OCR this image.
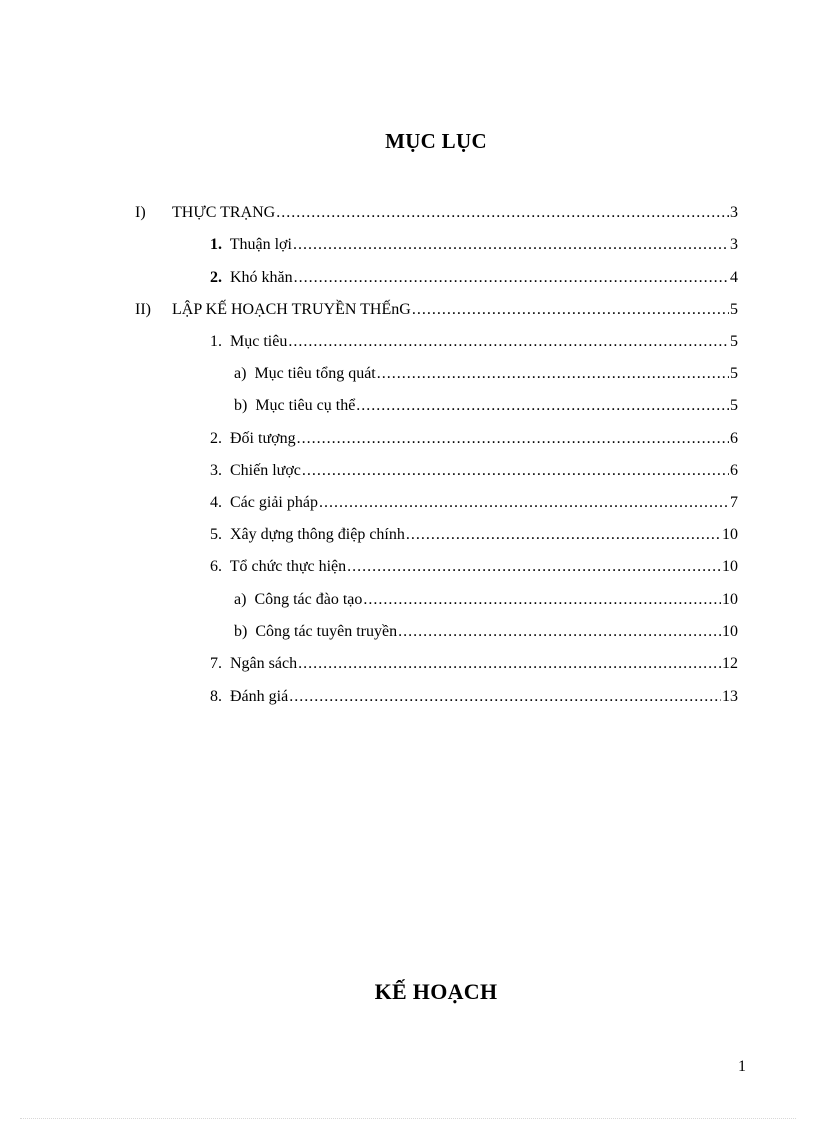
MỤC LỤC
I) THỰC TRẠNG .....	3
1. Thuận lợi .....	3
2. Khó khăn .....	4
II) LẬP KẾ HOẠCH TRUYỀN THẾnG .....	5
1. Mục tiêu .....	5
a) Mục tiêu tổng quát .....	5
b) Mục tiêu cụ thể .....	5
2. Đối tượng .....	6
3. Chiến lược .....	6
4. Các giải pháp .....	7
5. Xây dựng thông điệp chính .....	10
6. Tổ chức thực hiện .....	10
a) Công tác đào tạo .....	10
b) Công tác tuyên truyền .....	10
7. Ngân sách .....	12
8. Đánh giá .....	13
KẾ HOẠCH
1
